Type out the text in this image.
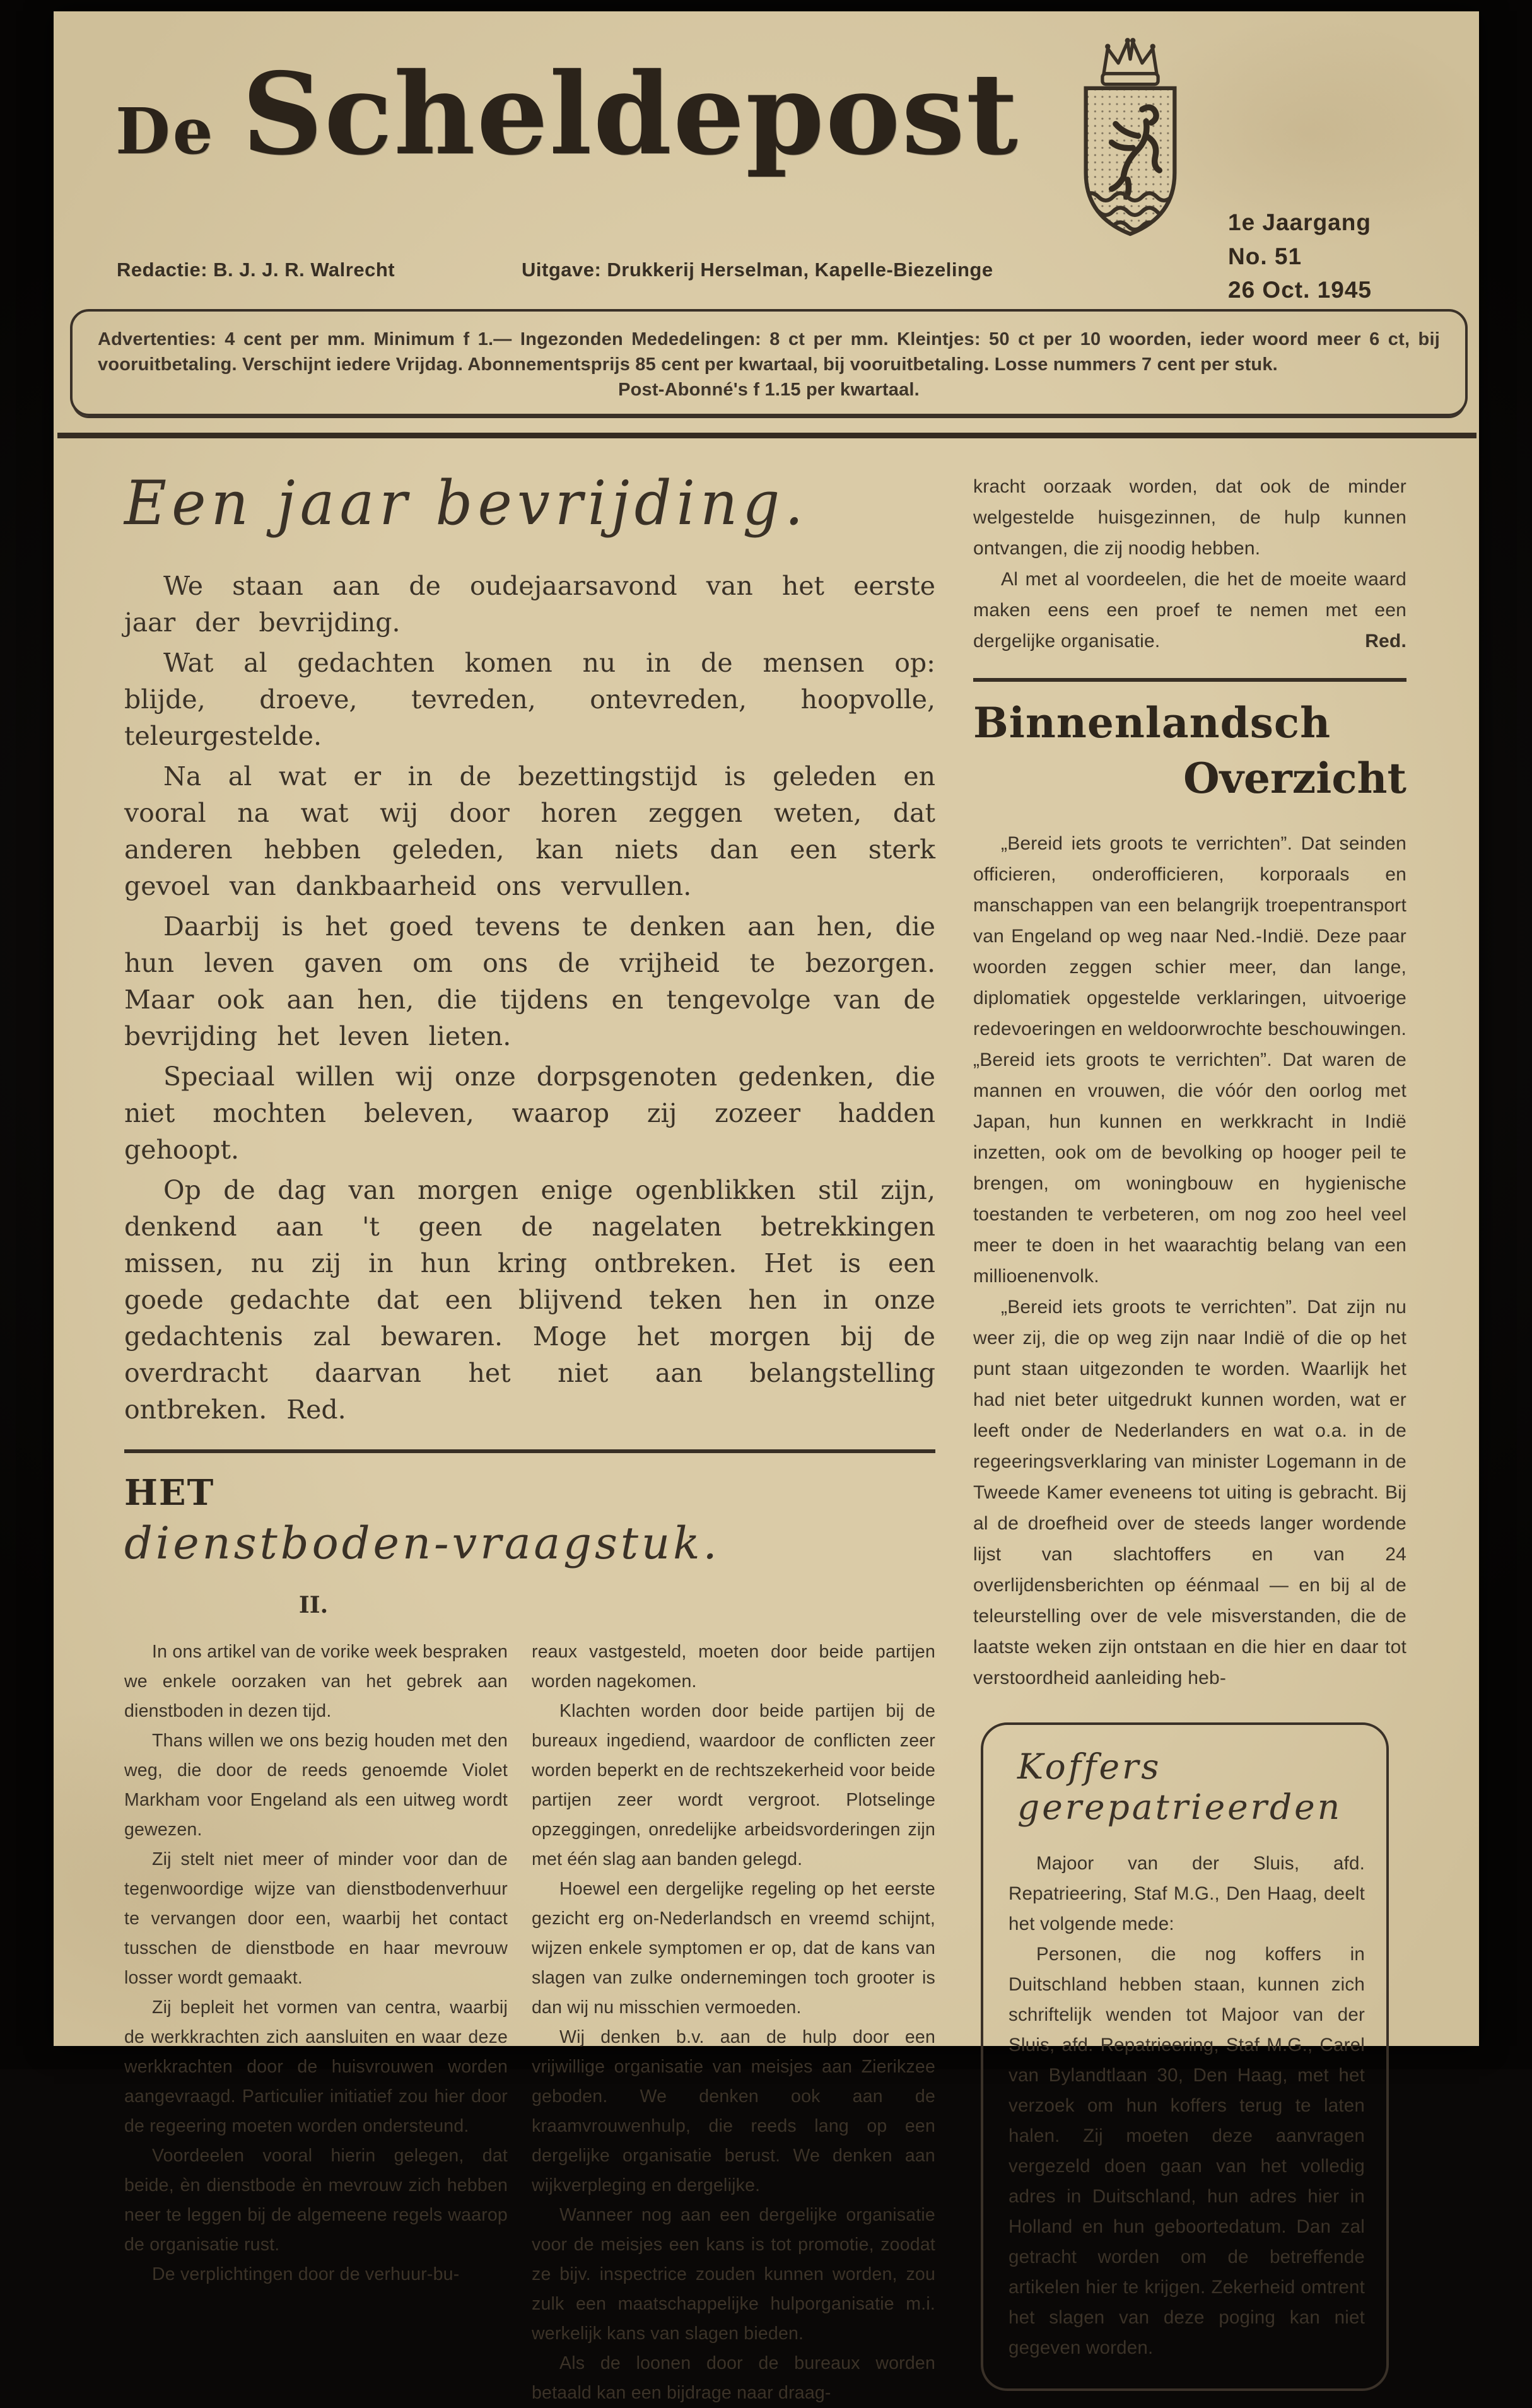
De Scheldepost
Redactie: B. J. J. R. Walrecht	Uitgave: Drukkerij Herselman, Kapelle-Biezelinge
1e Jaargang
No. 51
26 Oct. 1945

Advertenties: 4 cent per mm. Minimum f 1.— Ingezonden Mededelingen: 8 ct per mm. Kleintjes: 50 ct per 10 woorden, ieder woord meer 6 ct, bij vooruitbetaling. Verschijnt iedere Vrijdag. Abonnementsprijs 85 cent per kwartaal, bij vooruitbetaling. Losse nummers 7 cent per stuk.

Post-Abonné's f 1.15 per kwartaal.

Een jaar bevrijding.

We staan aan de oudejaarsavond van het eerste jaar der bevrijding.

Wat al gedachten komen nu in de mensen op: blijde, droeve, tevreden, ontevreden, hoopvolle, teleurgestelde.

Na al wat er in de bezettingstijd is geleden en vooral na wat wij door horen zeggen weten, dat anderen hebben geleden, kan niets dan een sterk gevoel van dankbaarheid ons vervullen.

Daarbij is het goed tevens te denken aan hen, die hun leven gaven om ons de vrijheid te bezorgen. Maar ook aan hen, die tijdens en tengevolge van de bevrijding het leven lieten.

Speciaal willen wij onze dorpsgenoten gedenken, die niet mochten beleven, waarop zij zozeer hadden gehoopt.

Op de dag van morgen enige ogenblikken stil zijn, denkend aan 't geen de nagelaten betrekkingen missen, nu zij in hun kring ontbreken. Het is een goede gedachte dat een blijvend teken hen in onze gedachtenis zal bewaren. Moge het morgen bij de overdracht daarvan het niet aan belangstelling ontbreken. Red.

HET
dienstboden-vraagstuk.
II.

In ons artikel van de vorike week bespraken we enkele oorzaken van het gebrek aan dienstboden in dezen tijd.

Thans willen we ons bezig houden met den weg, die door de reeds genoemde Violet Markham voor Engeland als een uitweg wordt gewezen.

Zij stelt niet meer of minder voor dan de tegenwoordige wijze van dienstbodenverhuur te vervangen door een, waarbij het contact tusschen de dienstbode en haar mevrouw losser wordt gemaakt.

Zij bepleit het vormen van centra, waarbij de werkkrachten zich aansluiten en waar deze werkkrachten door de huisvrouwen worden aangevraagd. Particulier initiatief zou hier door de regeering moeten worden ondersteund.

Voordeelen vooral hierin gelegen, dat beide, èn dienstbode èn mevrouw zich hebben neer te leggen bij de algemeene regels waarop de organisatie rust.

De verplichtingen door de verhuur-bu-

reaux vastgesteld, moeten door beide partijen worden nagekomen.

Klachten worden door beide partijen bij de bureaux ingediend, waardoor de conflicten zeer worden beperkt en de rechtszekerheid voor beide partijen zeer wordt vergroot. Plotselinge opzeggingen, onredelijke arbeidsvorderingen zijn met één slag aan banden gelegd.

Hoewel een dergelijke regeling op het eerste gezicht erg on-Nederlandsch en vreemd schijnt, wijzen enkele symptomen er op, dat de kans van slagen van zulke ondernemingen toch grooter is dan wij nu misschien vermoeden.

Wij denken b.v. aan de hulp door een vrijwillige organisatie van meisjes aan Zierikzee geboden. We denken ook aan de kraamvrouwenhulp, die reeds lang op een dergelijke organisatie berust. We denken aan wijkverpleging en dergelijke.

Wanneer nog aan een dergelijke organisatie voor de meisjes een kans is tot promotie, zoodat ze bijv. inspectrice zouden kunnen worden, zou zulk een maatschappelijke hulporganisatie m.i. werkelijk kans van slagen bieden.

Als de loonen door de bureaux worden betaald kan een bijdrage naar draag-

kracht oorzaak worden, dat ook de minder welgestelde huisgezinnen, de hulp kunnen ontvangen, die zij noodig hebben.

Al met al voordeelen, die het de moeite waard maken eens een proef te nemen met een dergelijke organisatie.	Red.

Binnenlandsch
Overzicht

„Bereid iets groots te verrichten”. Dat seinden officieren, onderofficieren, korporaals en manschappen van een belangrijk troepentransport van Engeland op weg naar Ned.-Indië. Deze paar woorden zeggen schier meer, dan lange, diplomatiek opgestelde verklaringen, uitvoerige redevoeringen en weldoorwrochte beschouwingen. „Bereid iets groots te verrichten”. Dat waren de mannen en vrouwen, die vóór den oorlog met Japan, hun kunnen en werkkracht in Indië inzetten, ook om de bevolking op hooger peil te brengen, om woningbouw en hygienische toestanden te verbeteren, om nog zoo heel veel meer te doen in het waarachtig belang van een millioenenvolk.

„Bereid iets groots te verrichten”. Dat zijn nu weer zij, die op weg zijn naar Indië of die op het punt staan uitgezonden te worden. Waarlijk het had niet beter uitgedrukt kunnen worden, wat er leeft onder de Nederlanders en wat o.a. in de regeeringsverklaring van minister Logemann in de Tweede Kamer eveneens tot uiting is gebracht. Bij al de droefheid over de steeds langer wordende lijst van slachtoffers en van 24 overlijdensberichten op éénmaal — en bij al de teleurstelling over de vele misverstanden, die de laatste weken zijn ontstaan en die hier en daar tot verstoordheid aanleiding heb-

Koffers gerepatrieerden

Majoor van der Sluis, afd. Repatrieering, Staf M.G., Den Haag, deelt het volgende mede:

Personen, die nog koffers in Duitschland hebben staan, kunnen zich schriftelijk wenden tot Majoor van der Sluis, afd. Repatrieering, Staf M.G., Carel van Bylandtlaan 30, Den Haag, met het verzoek om hun koffers terug te laten halen. Zij moeten deze aanvragen vergezeld doen gaan van het volledig adres in Duitschland, hun adres hier in Holland en hun geboortedatum. Dan zal getracht worden om de betreffende artikelen hier te krijgen. Zekerheid omtrent het slagen van deze poging kan niet gegeven worden.
